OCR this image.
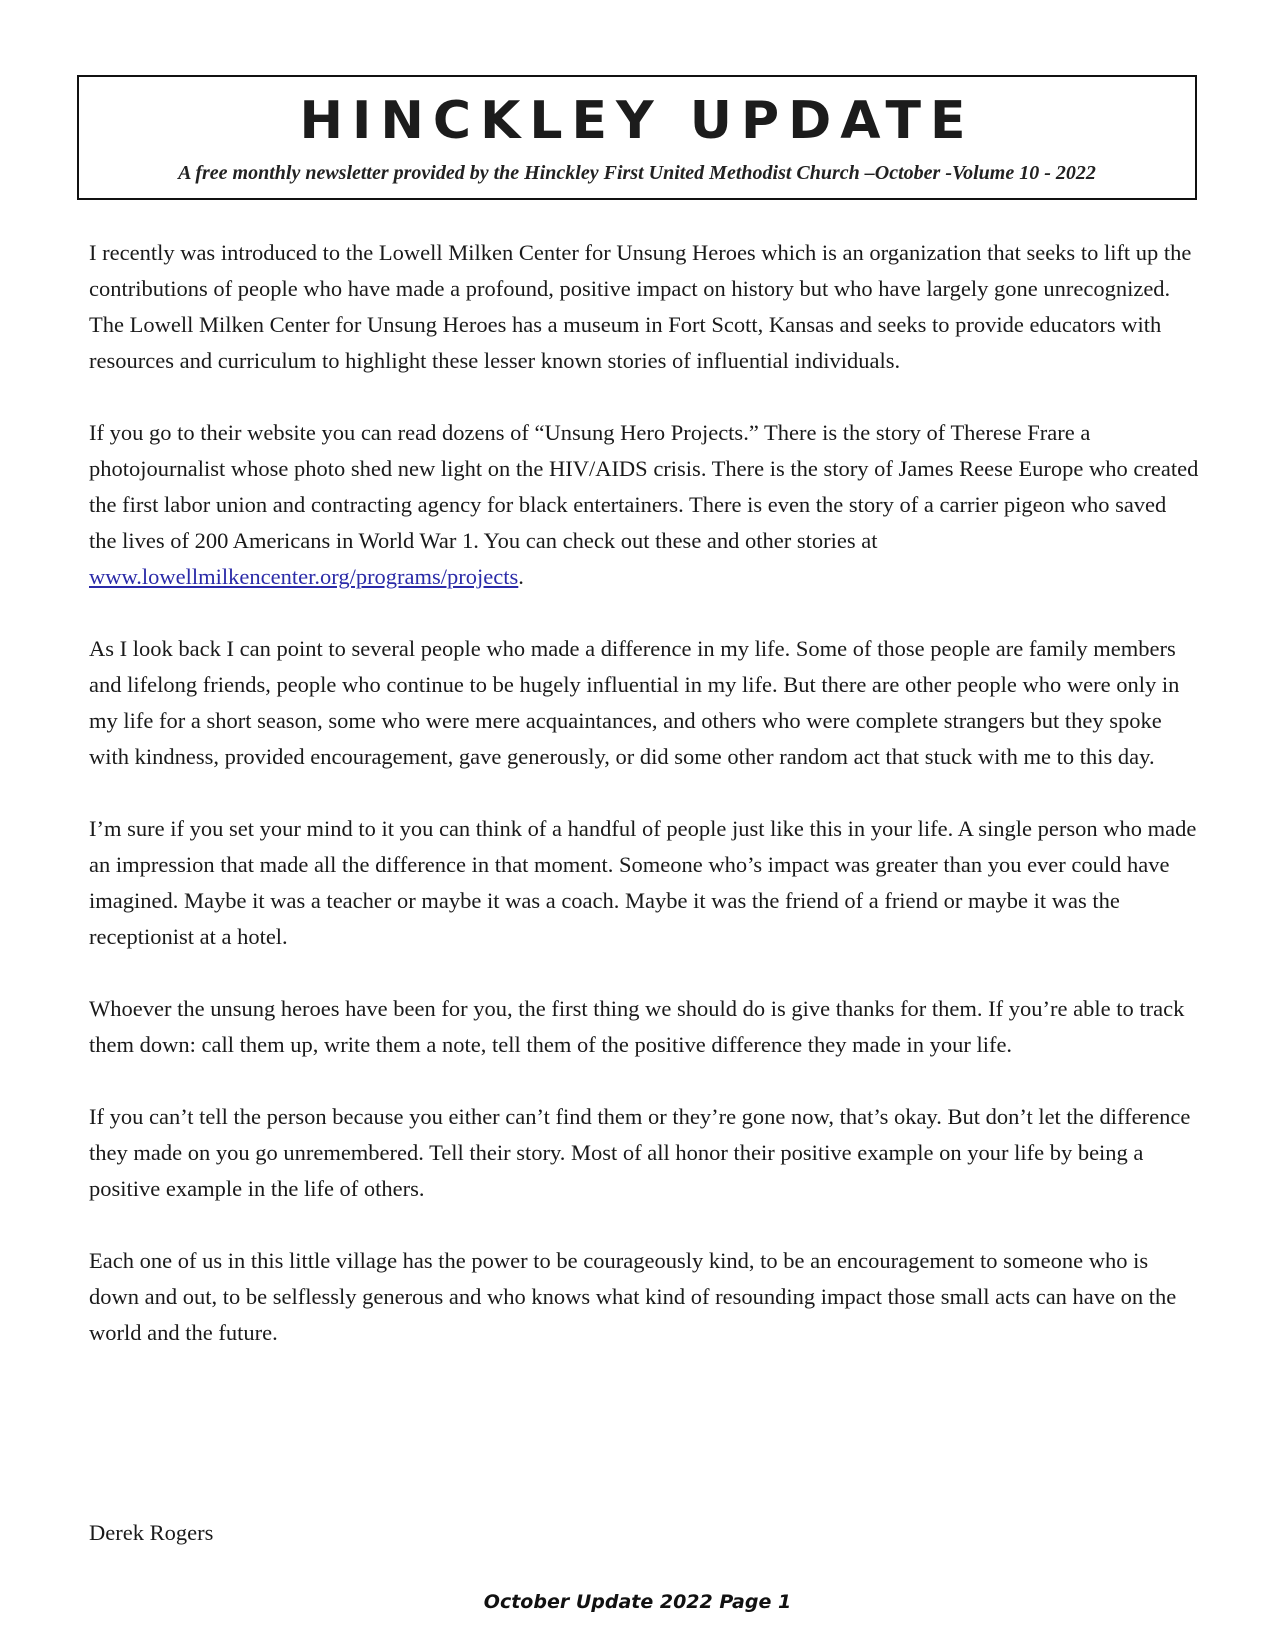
HINCKLEY UPDATE

A free monthly newsletter provided by the Hinckley First United Methodist Church –October -Volume 10 - 2022

I recently was introduced to the Lowell Milken Center for Unsung Heroes which is an organization that seeks to lift up the contributions of people who have made a profound, positive impact on history but who have largely gone unrecognized. The Lowell Milken Center for Unsung Heroes has a museum in Fort Scott, Kansas and seeks to provide educators with resources and curriculum to highlight these lesser known stories of influential individuals.

If you go to their website you can read dozens of “Unsung Hero Projects.” There is the story of Therese Frare a photojournalist whose photo shed new light on the HIV/AIDS crisis. There is the story of James Reese Europe who created the first labor union and contracting agency for black entertainers. There is even the story of a carrier pigeon who saved the lives of 200 Americans in World War 1. You can check out these and other stories at www.lowellmilkencenter.org/programs/projects.

As I look back I can point to several people who made a difference in my life. Some of those people are family members and lifelong friends, people who continue to be hugely influential in my life. But there are other people who were only in my life for a short season, some who were mere acquaintances, and others who were complete strangers but they spoke with kindness, provided encouragement, gave generously, or did some other random act that stuck with me to this day.

I’m sure if you set your mind to it you can think of a handful of people just like this in your life. A single person who made an impression that made all the difference in that moment. Someone who’s impact was greater than you ever could have imagined. Maybe it was a teacher or maybe it was a coach. Maybe it was the friend of a friend or maybe it was the receptionist at a hotel.

Whoever the unsung heroes have been for you, the first thing we should do is give thanks for them. If you’re able to track them down: call them up, write them a note, tell them of the positive difference they made in your life.

If you can’t tell the person because you either can’t find them or they’re gone now, that’s okay. But don’t let the difference they made on you go unremembered. Tell their story. Most of all honor their positive example on your life by being a positive example in the life of others.

Each one of us in this little village has the power to be courageously kind, to be an encouragement to someone who is down and out, to be selflessly generous and who knows what kind of resounding impact those small acts can have on the world and the future.

Derek Rogers

October Update 2022 Page 1
